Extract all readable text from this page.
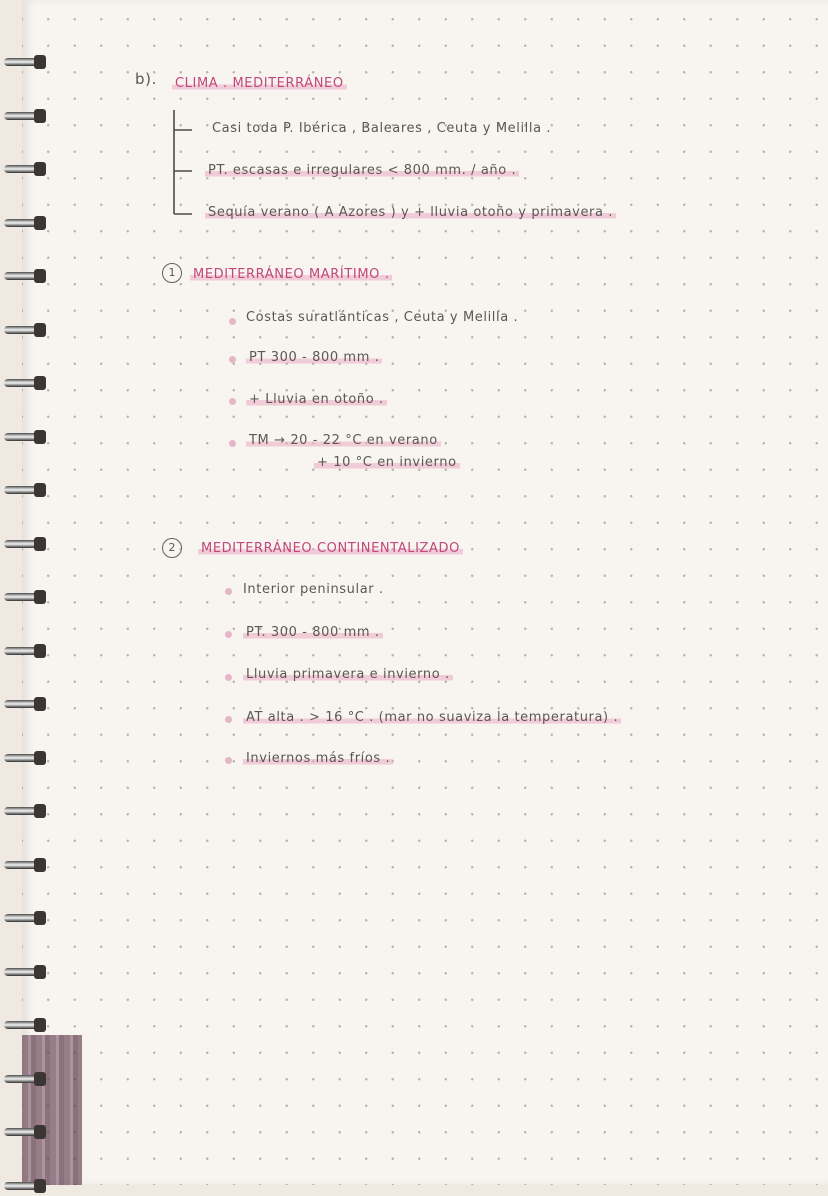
b). CLIMA . MEDITERRÁNEO
Casi toda P. Ibérica , Baleares , Ceuta y Melilla .
PT. escasas e irregulares < 800 mm. / año .
Sequía verano ( A Azores ) y + lluvia otoño y primavera .
1	MEDITERRÁNEO MARÍTIMO .
Costas suratlánticas , Ceuta y Melilla .
PT 300 - 800 mm .
+ Lluvia en otoño .
TM → 20 - 22 °C en verano
+ 10 °C en invierno
2	MEDITERRÁNEO CONTINENTALIZADO
Interior peninsular .
PT. 300 - 800 mm .
Lluvia primavera e invierno .
AT alta . > 16 °C . (mar no suaviza la temperatura) .
Inviernos más fríos .
